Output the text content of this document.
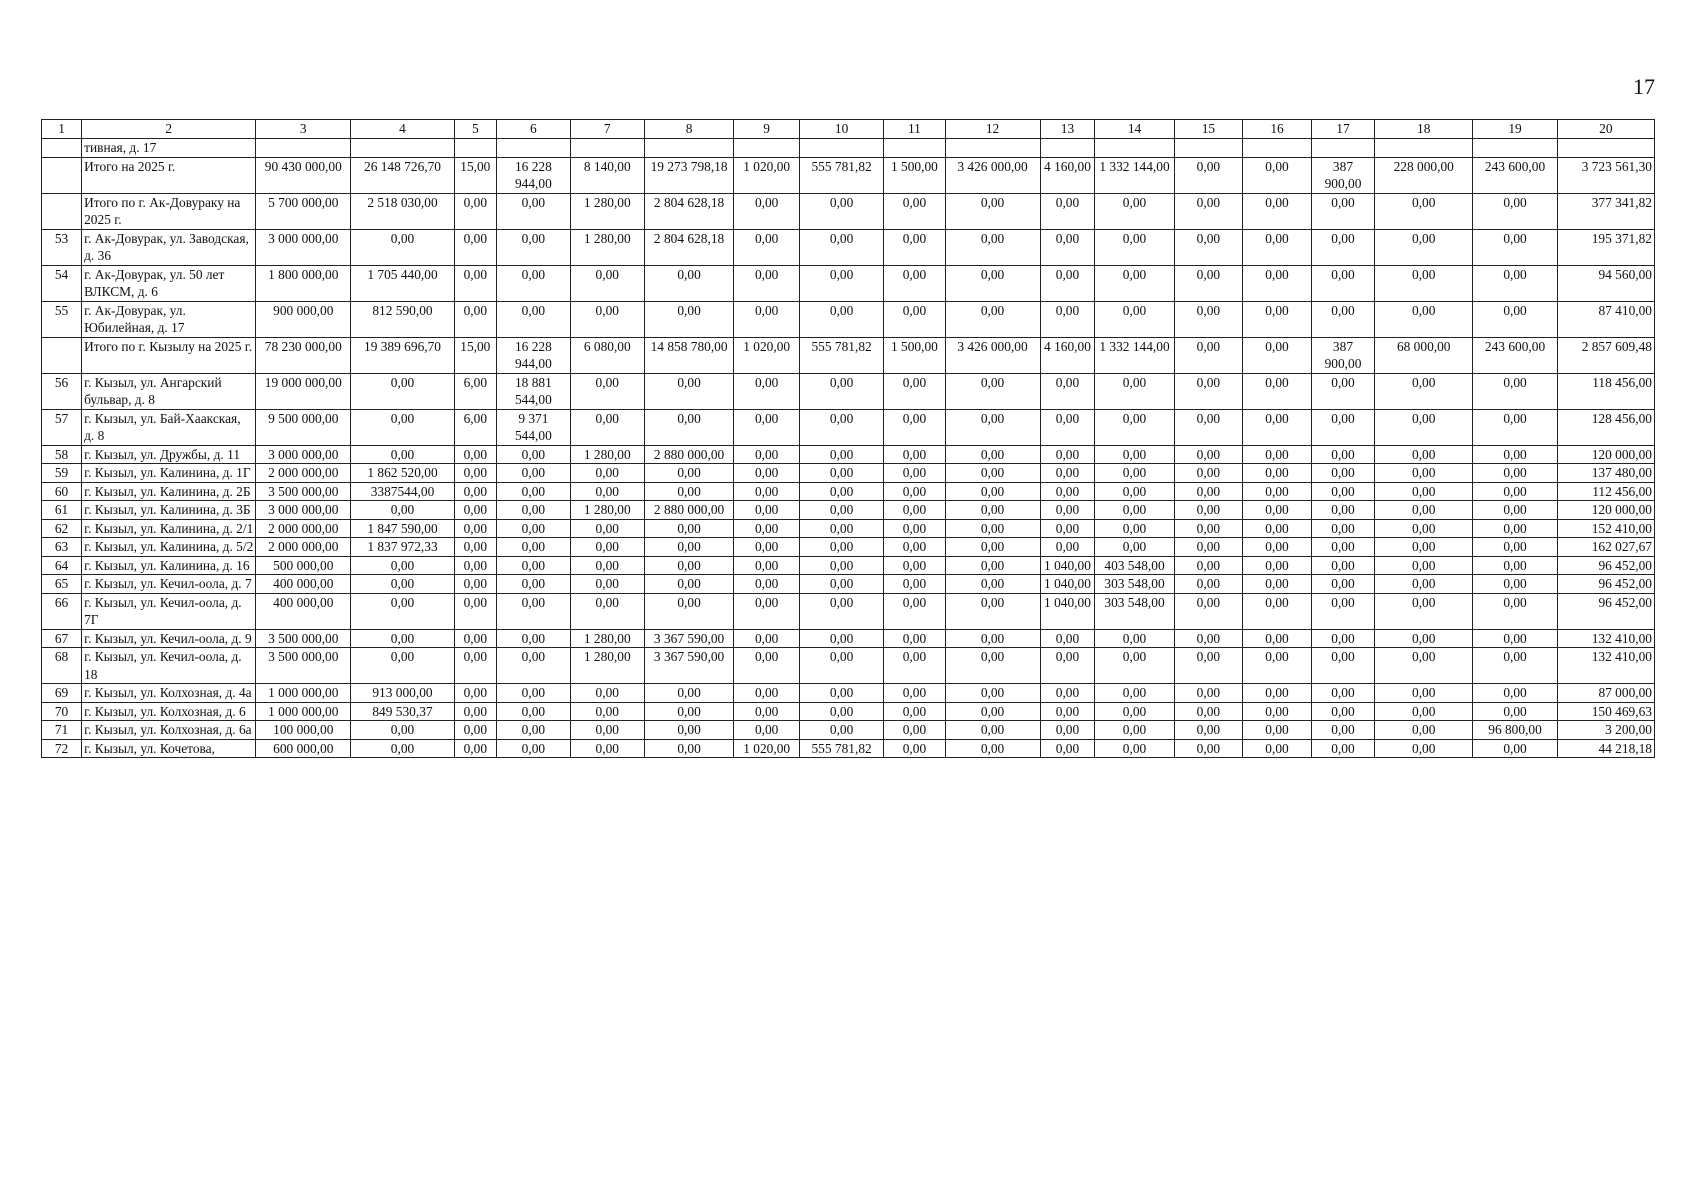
17
1	2	3	4	5	6	7	8	9	10	11	12	13	14	15	16	17	18	19	20
	тивная, д. 17																		
	Итого на 2025 г.	90 430 000,00	26 148 726,70	15,00	16 228 944,00	8 140,00	19 273 798,18	1 020,00	555 781,82	1 500,00	3 426 000,00	4 160,00	1 332 144,00	0,00	0,00	387 900,00	228 000,00	243 600,00	3 723 561,30
	Итого по г. Ак-Довураку на 2025 г.	5 700 000,00	2 518 030,00	0,00	0,00	1 280,00	2 804 628,18	0,00	0,00	0,00	0,00	0,00	0,00	0,00	0,00	0,00	0,00	0,00	377 341,82
53	г. Ак-Довурак, ул. Заводская, д. 36	3 000 000,00	0,00	0,00	0,00	1 280,00	2 804 628,18	0,00	0,00	0,00	0,00	0,00	0,00	0,00	0,00	0,00	0,00	0,00	195 371,82
54	г. Ак-Довурак, ул. 50 лет ВЛКСМ, д. 6	1 800 000,00	1 705 440,00	0,00	0,00	0,00	0,00	0,00	0,00	0,00	0,00	0,00	0,00	0,00	0,00	0,00	0,00	0,00	94 560,00
55	г. Ак-Довурак, ул. Юбилейная, д. 17	900 000,00	812 590,00	0,00	0,00	0,00	0,00	0,00	0,00	0,00	0,00	0,00	0,00	0,00	0,00	0,00	0,00	0,00	87 410,00
	Итого по г. Кызылу на 2025 г.	78 230 000,00	19 389 696,70	15,00	16 228 944,00	6 080,00	14 858 780,00	1 020,00	555 781,82	1 500,00	3 426 000,00	4 160,00	1 332 144,00	0,00	0,00	387 900,00	68 000,00	243 600,00	2 857 609,48
56	г. Кызыл, ул. Ангарский бульвар, д. 8	19 000 000,00	0,00	6,00	18 881 544,00	0,00	0,00	0,00	0,00	0,00	0,00	0,00	0,00	0,00	0,00	0,00	0,00	0,00	118 456,00
57	г. Кызыл, ул. Бай-Хаакская, д. 8	9 500 000,00	0,00	6,00	9 371 544,00	0,00	0,00	0,00	0,00	0,00	0,00	0,00	0,00	0,00	0,00	0,00	0,00	0,00	128 456,00
58	г. Кызыл, ул. Дружбы, д. 11	3 000 000,00	0,00	0,00	0,00	1 280,00	2 880 000,00	0,00	0,00	0,00	0,00	0,00	0,00	0,00	0,00	0,00	0,00	0,00	120 000,00
59	г. Кызыл, ул. Калинина, д. 1Г	2 000 000,00	1 862 520,00	0,00	0,00	0,00	0,00	0,00	0,00	0,00	0,00	0,00	0,00	0,00	0,00	0,00	0,00	0,00	137 480,00
60	г. Кызыл, ул. Калинина, д. 2Б	3 500 000,00	3387544,00	0,00	0,00	0,00	0,00	0,00	0,00	0,00	0,00	0,00	0,00	0,00	0,00	0,00	0,00	0,00	112 456,00
61	г. Кызыл, ул. Калинина, д. 3Б	3 000 000,00	0,00	0,00	0,00	1 280,00	2 880 000,00	0,00	0,00	0,00	0,00	0,00	0,00	0,00	0,00	0,00	0,00	0,00	120 000,00
62	г. Кызыл, ул. Калинина, д. 2/1	2 000 000,00	1 847 590,00	0,00	0,00	0,00	0,00	0,00	0,00	0,00	0,00	0,00	0,00	0,00	0,00	0,00	0,00	0,00	152 410,00
63	г. Кызыл, ул. Калинина, д. 5/2	2 000 000,00	1 837 972,33	0,00	0,00	0,00	0,00	0,00	0,00	0,00	0,00	0,00	0,00	0,00	0,00	0,00	0,00	0,00	162 027,67
64	г. Кызыл, ул. Калинина, д. 16	500 000,00	0,00	0,00	0,00	0,00	0,00	0,00	0,00	0,00	0,00	1 040,00	403 548,00	0,00	0,00	0,00	0,00	0,00	96 452,00
65	г. Кызыл, ул. Кечил-оола, д. 7	400 000,00	0,00	0,00	0,00	0,00	0,00	0,00	0,00	0,00	0,00	1 040,00	303 548,00	0,00	0,00	0,00	0,00	0,00	96 452,00
66	г. Кызыл, ул. Кечил-оола, д. 7Г	400 000,00	0,00	0,00	0,00	0,00	0,00	0,00	0,00	0,00	0,00	1 040,00	303 548,00	0,00	0,00	0,00	0,00	0,00	96 452,00
67	г. Кызыл, ул. Кечил-оола, д. 9	3 500 000,00	0,00	0,00	0,00	1 280,00	3 367 590,00	0,00	0,00	0,00	0,00	0,00	0,00	0,00	0,00	0,00	0,00	0,00	132 410,00
68	г. Кызыл, ул. Кечил-оола, д. 18	3 500 000,00	0,00	0,00	0,00	1 280,00	3 367 590,00	0,00	0,00	0,00	0,00	0,00	0,00	0,00	0,00	0,00	0,00	0,00	132 410,00
69	г. Кызыл, ул. Колхозная, д. 4а	1 000 000,00	913 000,00	0,00	0,00	0,00	0,00	0,00	0,00	0,00	0,00	0,00	0,00	0,00	0,00	0,00	0,00	0,00	87 000,00
70	г. Кызыл, ул. Колхозная, д. 6	1 000 000,00	849 530,37	0,00	0,00	0,00	0,00	0,00	0,00	0,00	0,00	0,00	0,00	0,00	0,00	0,00	0,00	0,00	150 469,63
71	г. Кызыл, ул. Колхозная, д. 6а	100 000,00	0,00	0,00	0,00	0,00	0,00	0,00	0,00	0,00	0,00	0,00	0,00	0,00	0,00	0,00	0,00	96 800,00	3 200,00
72	г. Кызыл, ул. Кочетова,	600 000,00	0,00	0,00	0,00	0,00	0,00	1 020,00	555 781,82	0,00	0,00	0,00	0,00	0,00	0,00	0,00	0,00	0,00	44 218,18
